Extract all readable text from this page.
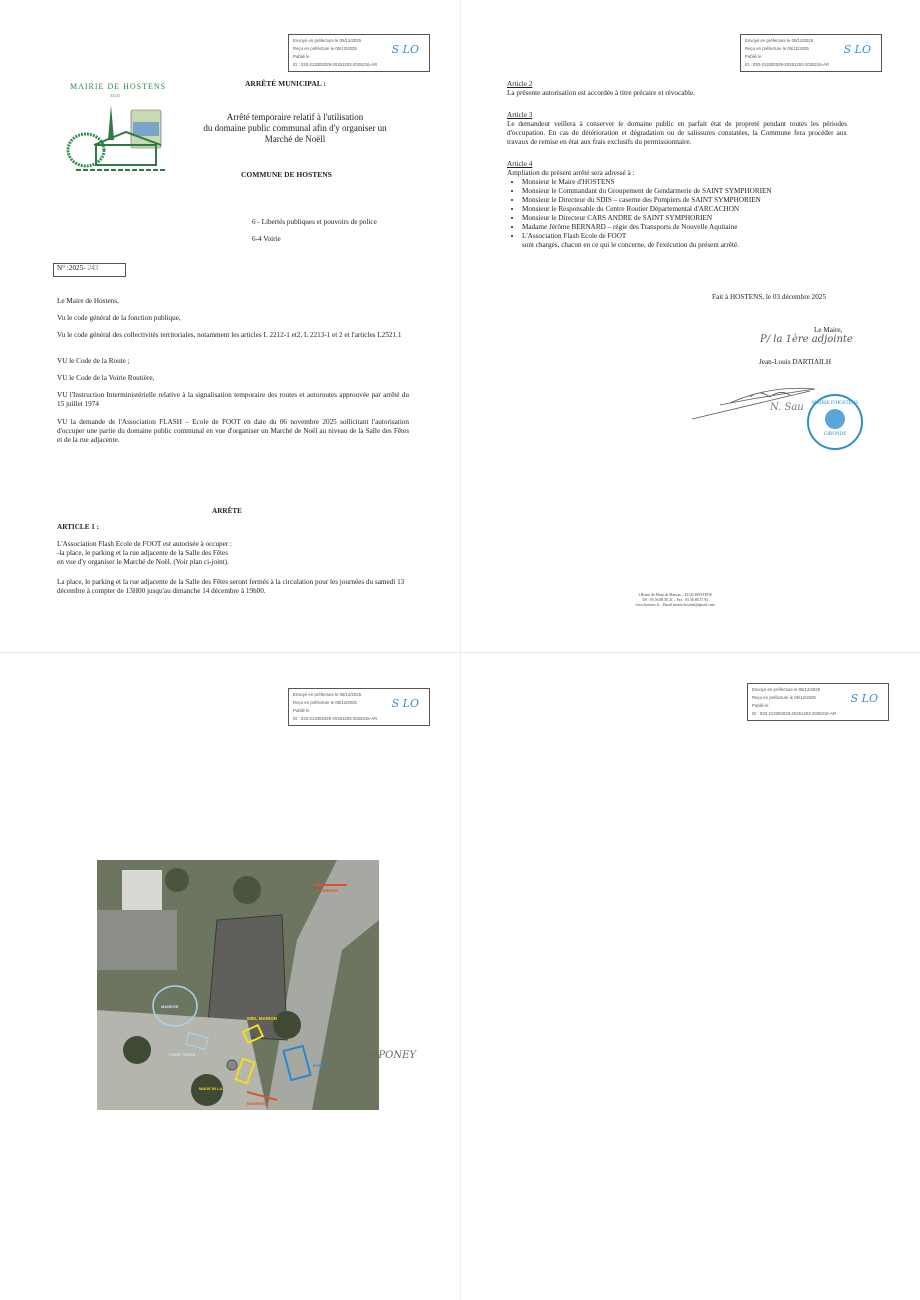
Envoyé en préfecture le 05/12/2025
Reçu en préfecture le 05/12/2025
Publié le
ID : 033-213302029-20251203-2025216-AR
S LO
MAIRIE DE HOSTENS
33125
ARRÊTÉ MUNICIPAL :
Arrêté temporaire relatif à l'utilisation
du domaine public communal afin d'y organiser un
Marché de Noëll
COMMUNE DE HOSTENS
6 - Libertés publiques et pouvoirs de police
6-4 Voirie
N° :2025- 243
Le Maire de Hostens,
Vu le code général de la fonction publique,
Vu le code général des collectivités territoriales, notamment les articles L 2212-1 et2, L 2213-1 et 2 et l'articles L2521.1
VU le Code de la Route ;
VU le Code de la Voirie Routière,
VU l'Instruction Interministérielle relative à la signalisation temporaire des routes et autoroutes approuvée par arrêté du 15 juillet 1974
VU la demande de l'Association FLASH – Ecole de FOOT en date du 06 novembre 2025 sollicitant l'autorisation d'occuper une partie du domaine public communal en vue d'organiser un Marché de Noël au niveau de la Salle des Fêtes et de la rue adjacente.
ARRÊTE
ARTICLE 1 :
L'Association Flash Ecole de FOOT est autorisée à occuper :
-la place, le parking et la rue adjacente de la Salle des Fêtes
en vue d'y organiser le Marché de Noël. (Voir plan ci-joint).
La place, le parking et la rue adjacente de la Salle des Fêtes seront fermés à la circulation pour les journées du samedi 13 décembre à compter de 13H00 jusqu'au dimanche 14 décembre à 19h00.
Envoyé en préfecture le 05/12/2025
Reçu en préfecture le 05/12/2025
Publié le
ID : 033-213302029-20251203-2025216-AR
S LO
Article 2
La présente autorisation est accordée à titre précaire et révocable.
Article 3
Le demandeur veillera à conserver le domaine public en parfait état de propreté pendant toutes les périodes d'occupation. En cas de détérioration et dégradation ou de salissures constatées, la Commune fera procéder aux travaux de remise en état aux frais exclusifs du permissionnaire.
Article 4
Ampliation du présent arrêté sera adressé à :
• Monsieur le Maire d'HOSTENS
• Monsieur le Commandant du Groupement de Gendarmerie de SAINT SYMPHORIEN
• Monsieur le Directeur du SDIS – caserne des Pompiers de SAINT SYMPHORIEN
• Monsieur le Responsable du Centre Routier Départemental d'ARCACHON
• Monsieur le Directeur CARS ANDRE de SAINT SYMPHORIEN
• Madame Jérôme BERNARD – régie des Transports de Nouvelle Aquitaine
• L'Association Flash Ecole de FOOT
sont chargés, chacun en ce qui le concerne, de l'exécution du présent arrêté.
Fait à HOSTENS, le 03 décembre 2025
Le Maire,
P/ la 1ère adjointe
Jean-Louis DARTIAILH
N. Sau	MAIRIE D'HOSTENS
GIRONDE
1 Route de Mont de Marsan – 33125 HOSTENS
Tél : 05.56.88.50.21 – Fax : 05.56.88.57.94
www.hostens.fr – Email mairie.hostens@gmail.com
Envoyé en préfecture le 05/12/2025
Reçu en préfecture le 05/12/2025
Publié le
ID : 033-213302029-20251203-2025216-AR
S LO
BARRIERE
MANEGE
MIEL MARION
FOOD TRUCK
MADE IN LA
BARRIERE
PONEY
~PONEY
Envoyé en préfecture le 05/12/2025
Reçu en préfecture le 05/12/2025
Publié le
ID : 033-213302029-20251203-2025216-AR
S LO
